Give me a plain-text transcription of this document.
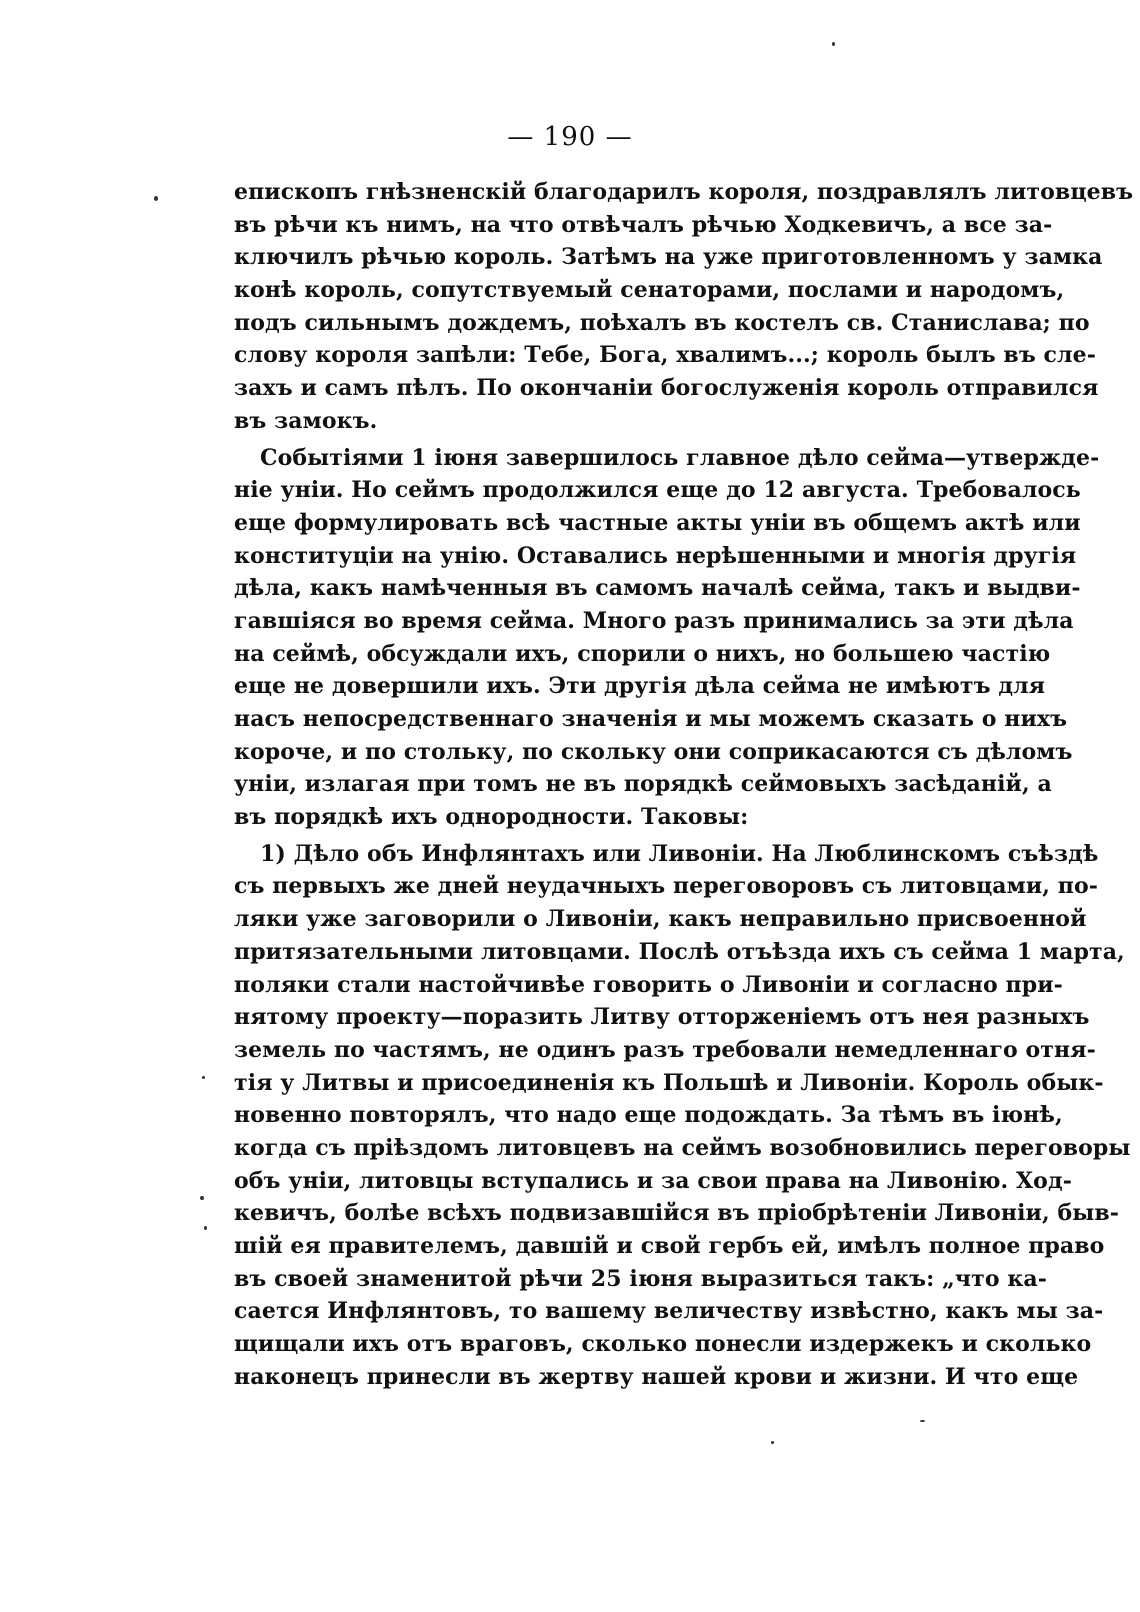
— 190 —
епископъ гнѣзненскій благодарилъ короля, поздравлялъ литовцевъ
въ рѣчи къ нимъ, на что отвѣчалъ рѣчью Ходкевичъ, а все за-
ключилъ рѣчью король. Затѣмъ на уже приготовленномъ у замка
конѣ король, сопутствуемый сенаторами, послами и народомъ,
подъ сильнымъ дождемъ, поѣхалъ въ костелъ св. Станислава; по
слову короля запѣли: Тебе, Бога, хвалимъ...; король былъ въ сле-
захъ и самъ пѣлъ. По окончаніи богослуженія король отправился
въ замокъ.
Событіями 1 іюня завершилось главное дѣло сейма—утвержде-
ніе уніи. Но сеймъ продолжился еще до 12 августа. Требовалось
еще формулировать всѣ частные акты уніи въ общемъ актѣ или
конституціи на унію. Оставались нерѣшенными и многія другія
дѣла, какъ намѣченныя въ самомъ началѣ сейма, такъ и выдви-
гавшіяся во время сейма. Много разъ принимались за эти дѣла
на сеймѣ, обсуждали ихъ, спорили о нихъ, но большею частію
еще не довершили ихъ. Эти другія дѣла сейма не имѣютъ для
насъ непосредственнаго значенія и мы можемъ сказать о нихъ
короче, и по стольку, по скольку они соприкасаются съ дѣломъ
уніи, излагая при томъ не въ порядкѣ сеймовыхъ засѣданій, а
въ порядкѣ ихъ однородности. Таковы:
1) Дѣло объ Инфлянтахъ или Ливоніи. На Люблинскомъ съѣздѣ
съ первыхъ же дней неудачныхъ переговоровъ съ литовцами, по-
ляки уже заговорили о Ливоніи, какъ неправильно присвоенной
притязательными литовцами. Послѣ отъѣзда ихъ съ сейма 1 марта,
поляки стали настойчивѣе говорить о Ливоніи и согласно при-
нятому проекту—поразить Литву отторженіемъ отъ нея разныхъ
земель по частямъ, не одинъ разъ требовали немедленнаго отня-
тія у Литвы и присоединенія къ Польшѣ и Ливоніи. Король обык-
новенно повторялъ, что надо еще подождать. За тѣмъ въ іюнѣ,
когда съ пріѣздомъ литовцевъ на сеймъ возобновились переговоры
объ уніи, литовцы вступались и за свои права на Ливонію. Ход-
кевичъ, болѣе всѣхъ подвизавшійся въ пріобрѣтеніи Ливоніи, быв-
шій ея правителемъ, давшій и свой гербъ ей, имѣлъ полное право
въ своей знаменитой рѣчи 25 іюня выразиться такъ: „что ка-
сается Инфлянтовъ, то вашему величеству извѣстно, какъ мы за-
щищали ихъ отъ враговъ, сколько понесли издержекъ и сколько
наконецъ принесли въ жертву нашей крови и жизни. И что еще
